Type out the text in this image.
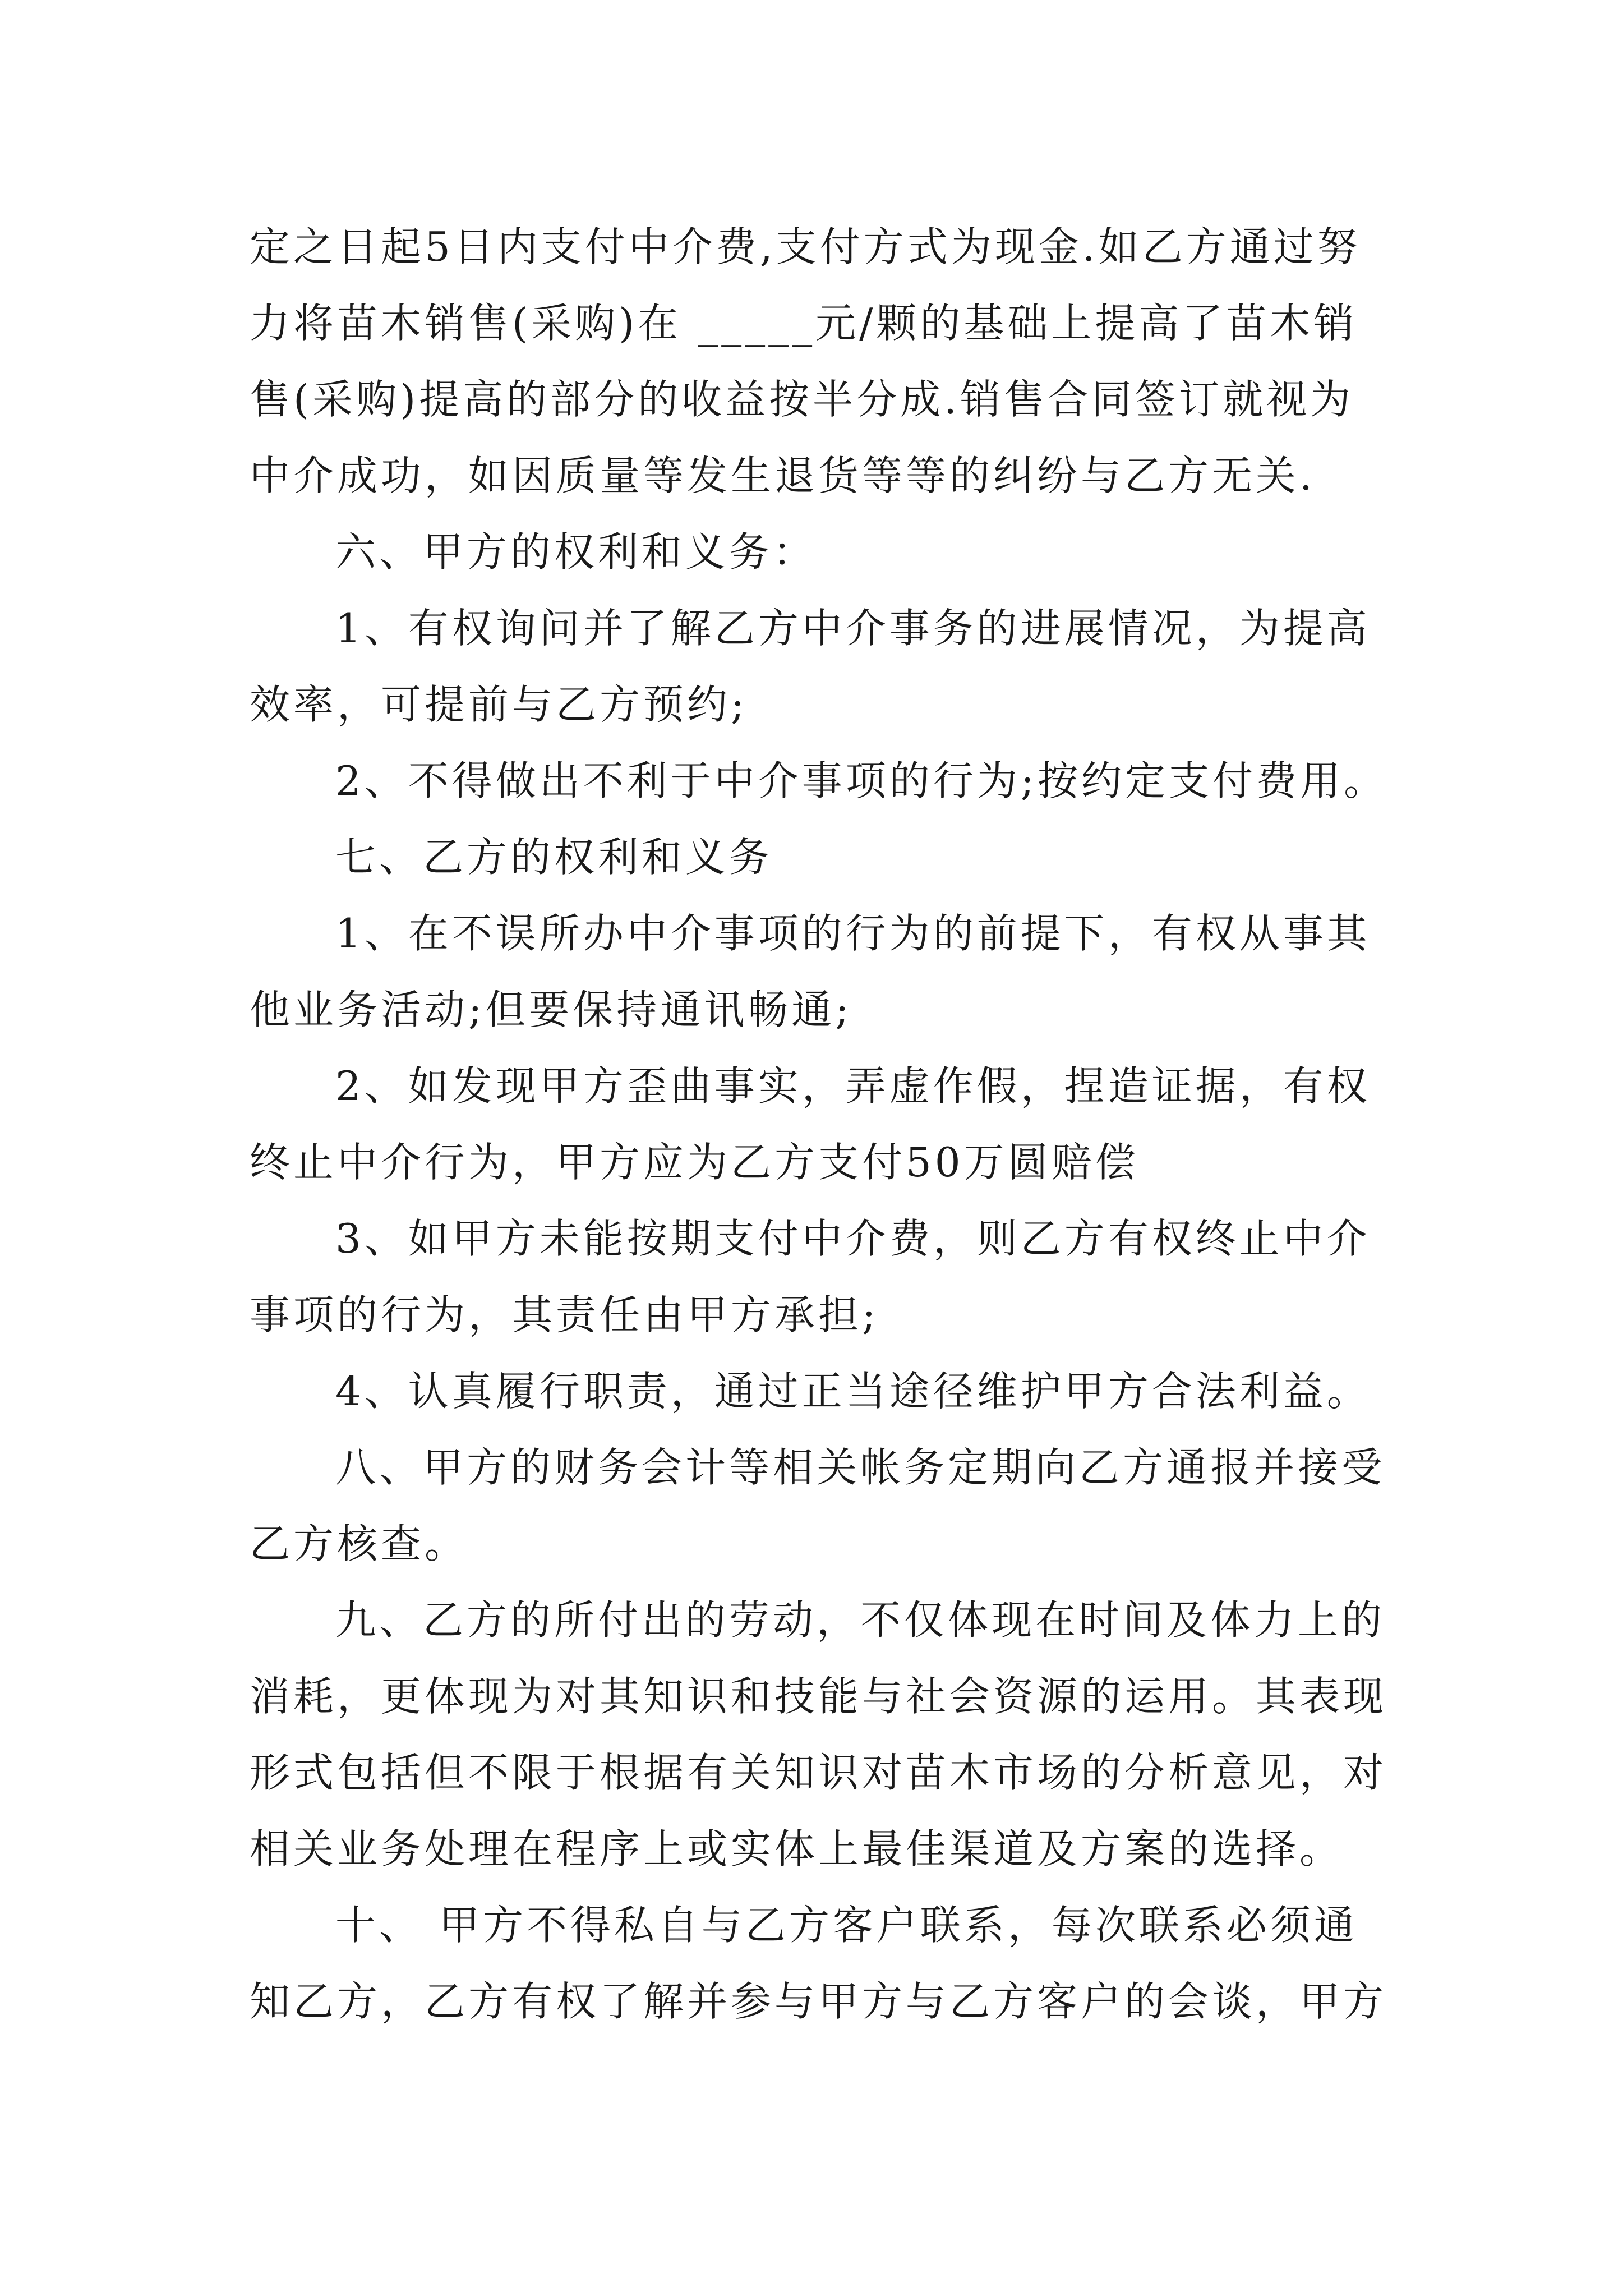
定之日起5日内支付中介费,支付方式为现金.如乙方通过努
力将苗木销售(采购)在 _____元/颗的基础上提高了苗木销
售(采购)提高的部分的收益按半分成.销售合同签订就视为
中介成功，如因质量等发生退货等等的纠纷与乙方无关.
六、甲方的权利和义务：
1、有权询问并了解乙方中介事务的进展情况，为提高
效率，可提前与乙方预约;
2、不得做出不利于中介事项的行为;按约定支付费用。
七、乙方的权利和义务
1、在不误所办中介事项的行为的前提下，有权从事其
他业务活动;但要保持通讯畅通;
2、如发现甲方歪曲事实，弄虚作假，捏造证据，有权
终止中介行为，甲方应为乙方支付50万圆赔偿
3、如甲方未能按期支付中介费，则乙方有权终止中介
事项的行为，其责任由甲方承担;
4、认真履行职责，通过正当途径维护甲方合法利益。
八、甲方的财务会计等相关帐务定期向乙方通报并接受
乙方核查。
九、乙方的所付出的劳动，不仅体现在时间及体力上的
消耗，更体现为对其知识和技能与社会资源的运用。其表现
形式包括但不限于根据有关知识对苗木市场的分析意见，对
相关业务处理在程序上或实体上最佳渠道及方案的选择。
十、 甲方不得私自与乙方客户联系，每次联系必须通
知乙方，乙方有权了解并参与甲方与乙方客户的会谈，甲方
